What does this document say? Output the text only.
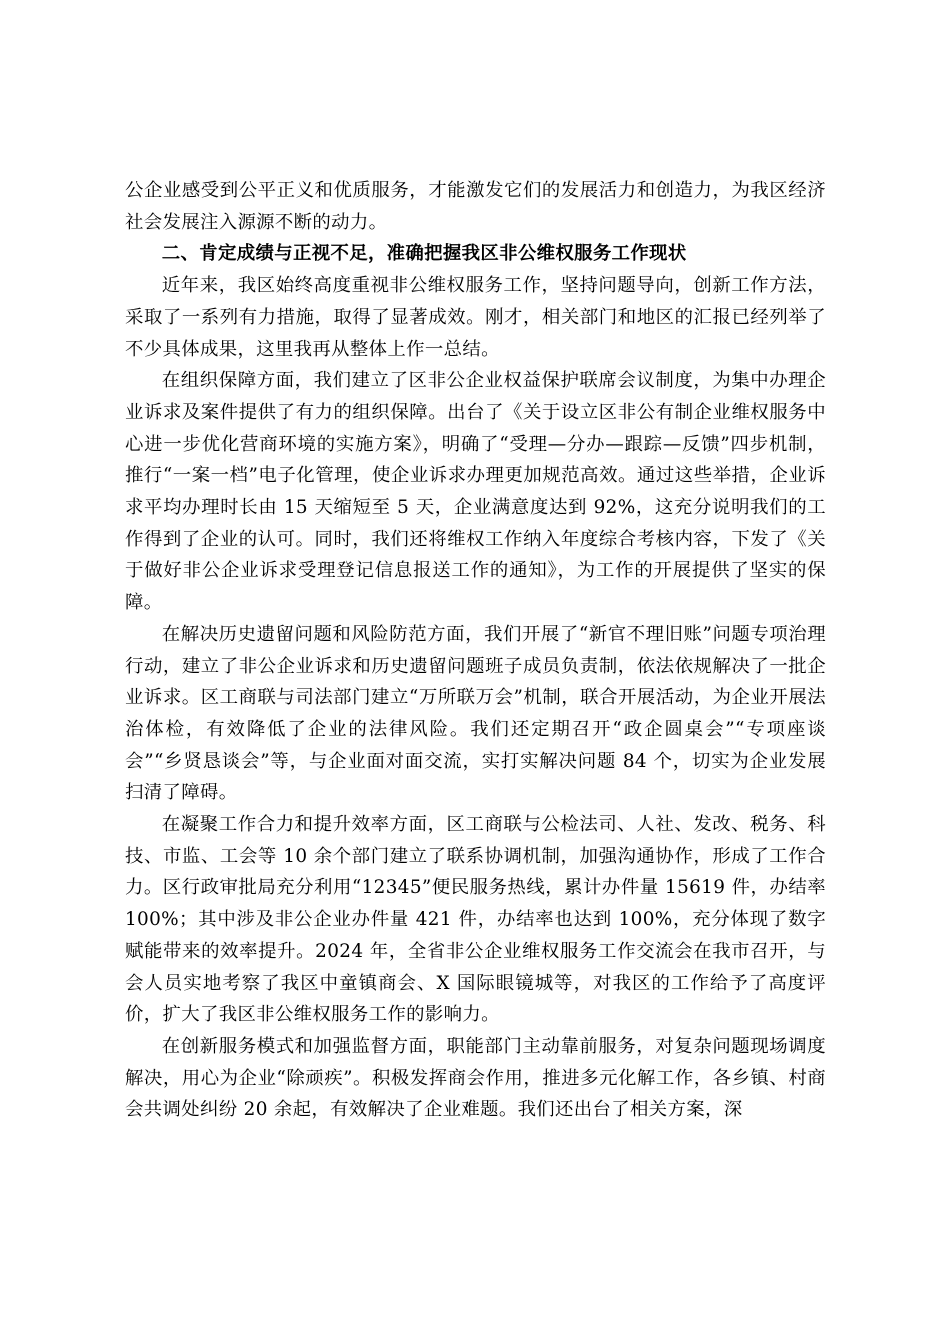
公企业感受到公平正义和优质服务，才能激发它们的发展活力和创造力，为我区经济社会发展注入源源不断的动力。

二、肯定成绩与正视不足，准确把握我区非公维权服务工作现状

近年来，我区始终高度重视非公维权服务工作，坚持问题导向，创新工作方法，采取了一系列有力措施，取得了显著成效。刚才，相关部门和地区的汇报已经列举了不少具体成果，这里我再从整体上作一总结。

在组织保障方面，我们建立了区非公企业权益保护联席会议制度，为集中办理企业诉求及案件提供了有力的组织保障。出台了《关于设立区非公有制企业维权服务中心进一步优化营商环境的实施方案》，明确了“受理—分办—跟踪—反馈”四步机制，推行“一案一档”电子化管理，使企业诉求办理更加规范高效。通过这些举措，企业诉求平均办理时长由 15 天缩短至 5 天，企业满意度达到 92%，这充分说明我们的工作得到了企业的认可。同时，我们还将维权工作纳入年度综合考核内容，下发了《关于做好非公企业诉求受理登记信息报送工作的通知》，为工作的开展提供了坚实的保障。

在解决历史遗留问题和风险防范方面，我们开展了“新官不理旧账”问题专项治理行动，建立了非公企业诉求和历史遗留问题班子成员负责制，依法依规解决了一批企业诉求。区工商联与司法部门建立“万所联万会”机制，联合开展活动，为企业开展法治体检，有效降低了企业的法律风险。我们还定期召开“政企圆桌会”“专项座谈会”“乡贤恳谈会”等，与企业面对面交流，实打实解决问题 84 个，切实为企业发展扫清了障碍。

在凝聚工作合力和提升效率方面，区工商联与公检法司、人社、发改、税务、科技、市监、工会等 10 余个部门建立了联系协调机制，加强沟通协作，形成了工作合力。区行政审批局充分利用“12345”便民服务热线，累计办件量 15619 件，办结率 100%；其中涉及非公企业办件量 421 件，办结率也达到 100%，充分体现了数字赋能带来的效率提升。2024 年，全省非公企业维权服务工作交流会在我市召开，与会人员实地考察了我区中童镇商会、X 国际眼镜城等，对我区的工作给予了高度评价，扩大了我区非公维权服务工作的影响力。

在创新服务模式和加强监督方面，职能部门主动靠前服务，对复杂问题现场调度解决，用心为企业“除顽疾”。积极发挥商会作用，推进多元化解工作，各乡镇、村商会共调处纠纷 20 余起，有效解决了企业难题。我们还出台了相关方案，深
